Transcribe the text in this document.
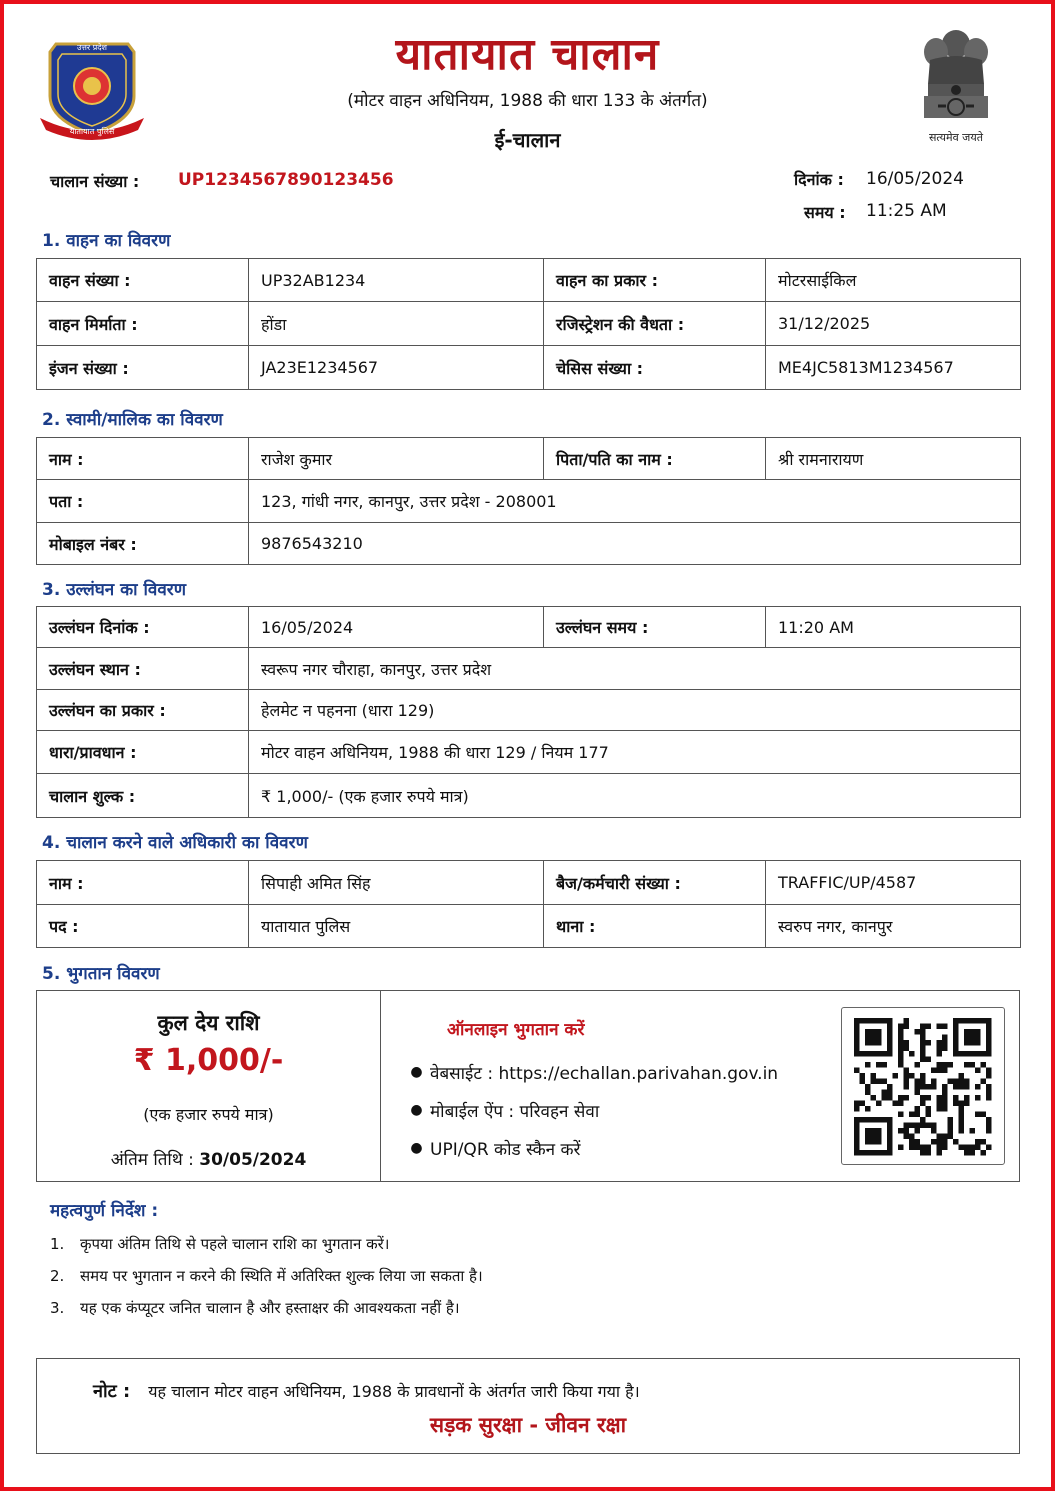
उत्तर प्रदेश
यातायात पुलिस	सत्यमेव जयते
यातायात चालान
(मोटर वाहन अधिनियम, 1988 की धारा 133 के अंतर्गत)
ई-चालान
चालान संख्या : UP1234567890123456	दिनांक : 16/05/2024
समय : 11:25 AM
1. वाहन का विवरण
वाहन संख्या :	UP32AB1234	वाहन का प्रकार :	मोटरसाईकिल
वाहन मिर्माता :	होंडा	रजिस्ट्रेशन की वैधता :	31/12/2025
इंजन संख्या :	JA23E1234567	चेसिस संख्या :	ME4JC5813M1234567
2. स्वामी/मालिक का विवरण
नाम :	राजेश कुमार	पिता/पति का नाम :	श्री रामनारायण
पता :	123, गांधी नगर, कानपुर, उत्तर प्रदेश - 208001		
मोबाइल नंबर :	9876543210		
3. उल्लंघन का विवरण
उल्लंघन दिनांक :	16/05/2024	उल्लंघन समय :	11:20 AM
उल्लंघन स्थान :	स्वरूप नगर चौराहा, कानपुर, उत्तर प्रदेश		
उल्लंघन का प्रकार :	हेलमेट न पहनना (धारा 129)		
धारा/प्रावधान :	मोटर वाहन अधिनियम, 1988 की धारा 129 / नियम 177		
चालान शुल्क :	₹ 1,000/- (एक हजार रुपये मात्र)		
4. चालान करने वाले अधिकारी का विवरण
नाम :	सिपाही अमित सिंह	बैज/कर्मचारी संख्या :	TRAFFIC/UP/4587
पद :	यातायात पुलिस	थाना :	स्वरुप नगर, कानपुर
5. भुगतान विवरण
कुल देय राशि
₹ 1,000/-
(एक हजार रुपये मात्र)
अंतिम तिथि : 30/05/2024
ऑनलाइन भुगतान करें
● वेबसाईट : https://echallan.parivahan.gov.in
● मोबाईल ऐंप : परिवहन सेवा
● UPI/QR कोड स्कैन करें
महत्वपुर्ण निर्देश :
1.	कृपया अंतिम तिथि से पहले चालान राशि का भुगतान करें।
2.	समय पर भुगतान न करने की स्थिति में अतिरिक्त शुल्क लिया जा सकता है।
3.	यह एक कंप्यूटर जनित चालान है और हस्ताक्षर की आवश्यकता नहीं है।
नोट : यह चालान मोटर वाहन अधिनियम, 1988 के प्रावधानों के अंतर्गत जारी किया गया है।
सड़क सुरक्षा - जीवन रक्षा
